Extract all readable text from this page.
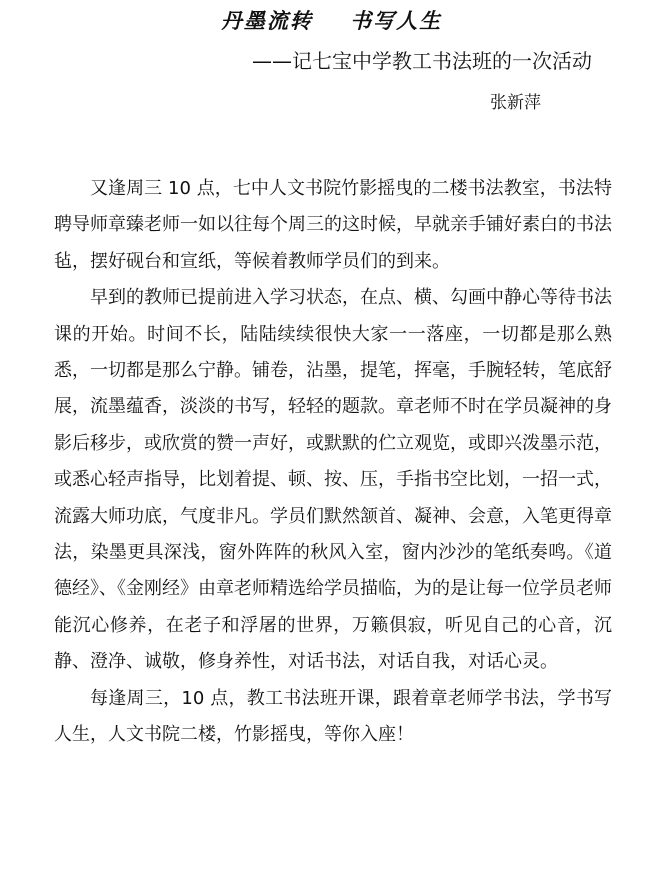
丹墨流转    书写人生
——记七宝中学教工书法班的一次活动
张新萍

又逢周三 10 点，七中人文书院竹影摇曳的二楼书法教室，书法特聘导师章臻老师一如以往每个周三的这时候，早就亲手铺好素白的书法毡，摆好砚台和宣纸，等候着教师学员们的到来。

早到的教师已提前进入学习状态，在点、横、勾画中静心等待书法课的开始。时间不长，陆陆续续很快大家一一落座，一切都是那么熟悉，一切都是那么宁静。铺卷，沾墨，提笔，挥毫，手腕轻转，笔底舒展，流墨蕴香，淡淡的书写，轻轻的题款。章老师不时在学员凝神的身影后移步，或欣赏的赞一声好，或默默的伫立观览，或即兴泼墨示范，或悉心轻声指导，比划着提、顿、按、压，手指书空比划，一招一式，流露大师功底，气度非凡。学员们默然颔首、凝神、会意，入笔更得章法，染墨更具深浅，窗外阵阵的秋风入室，窗内沙沙的笔纸奏鸣。《道德经》、《金刚经》由章老师精选给学员描临，为的是让每一位学员老师能沉心修养，在老子和浮屠的世界，万籁俱寂，听见自己的心音，沉静、澄净、诚敬，修身养性，对话书法，对话自我，对话心灵。

每逢周三，10 点，教工书法班开课，跟着章老师学书法，学书写人生，人文书院二楼，竹影摇曳，等你入座！
